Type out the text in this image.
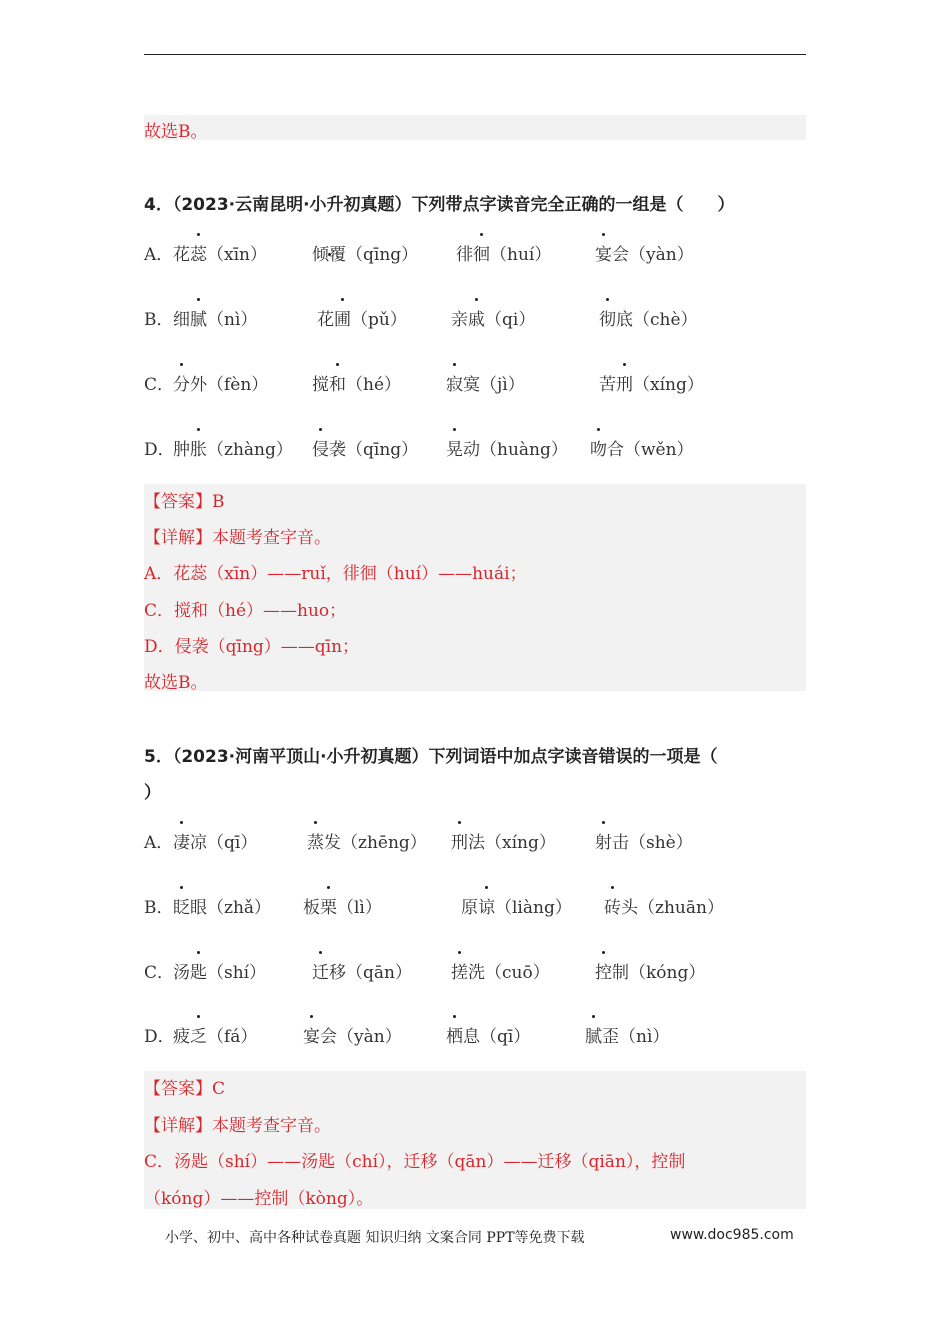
故选B。
4．（2023·云南昆明·小升初真题）下列带点字读音完全正确的一组是（　　）
A． 花蕊（xīn）	倾覆（qīng） 徘徊（huí）	宴会（yàn）
B． 细腻（nì）	花圃（pǔ）	亲戚（qi）	彻底（chè）
C．
分外（fèn）	搅和（hé）	寂寞（jì）	苦刑（xíng）
D．
肿胀（zhàng） 侵袭（qīng） 晃动（huàng） 吻合（wěn）
【答案】B
【详解】本题考查字音。
A．花蕊（xīn）——ruǐ，徘徊（huí）——huái；
C．搅和（hé）——huo；
D．侵袭（qīng）——qīn；
故选B。
5．（2023·河南平顶山·小升初真题）下列词语中加点字读音错误的一项是（
）
A． 凄凉（qī）	蒸发（zhēng） 刑法（xíng） 射击（shè）
B． 眨眼（zhǎ） 板栗（lì）	原谅（liàng） 砖头（zhuān）
C．
汤匙（shí）	迁移（qān） 搓洗（cuō）	控制（kóng）
D．
疲乏（fá）	宴会（yàn）	栖息（qī）	腻歪（nì）
【答案】C
【详解】本题考查字音。
C．汤匙（shí）——汤匙（chí），迁移（qān）——迁移（qiān），控制
（kóng）——控制（kòng）。
小学、初中、高中各种试卷真题 知识归纳 文案合同 PPT等免费下载	www.doc985.com
